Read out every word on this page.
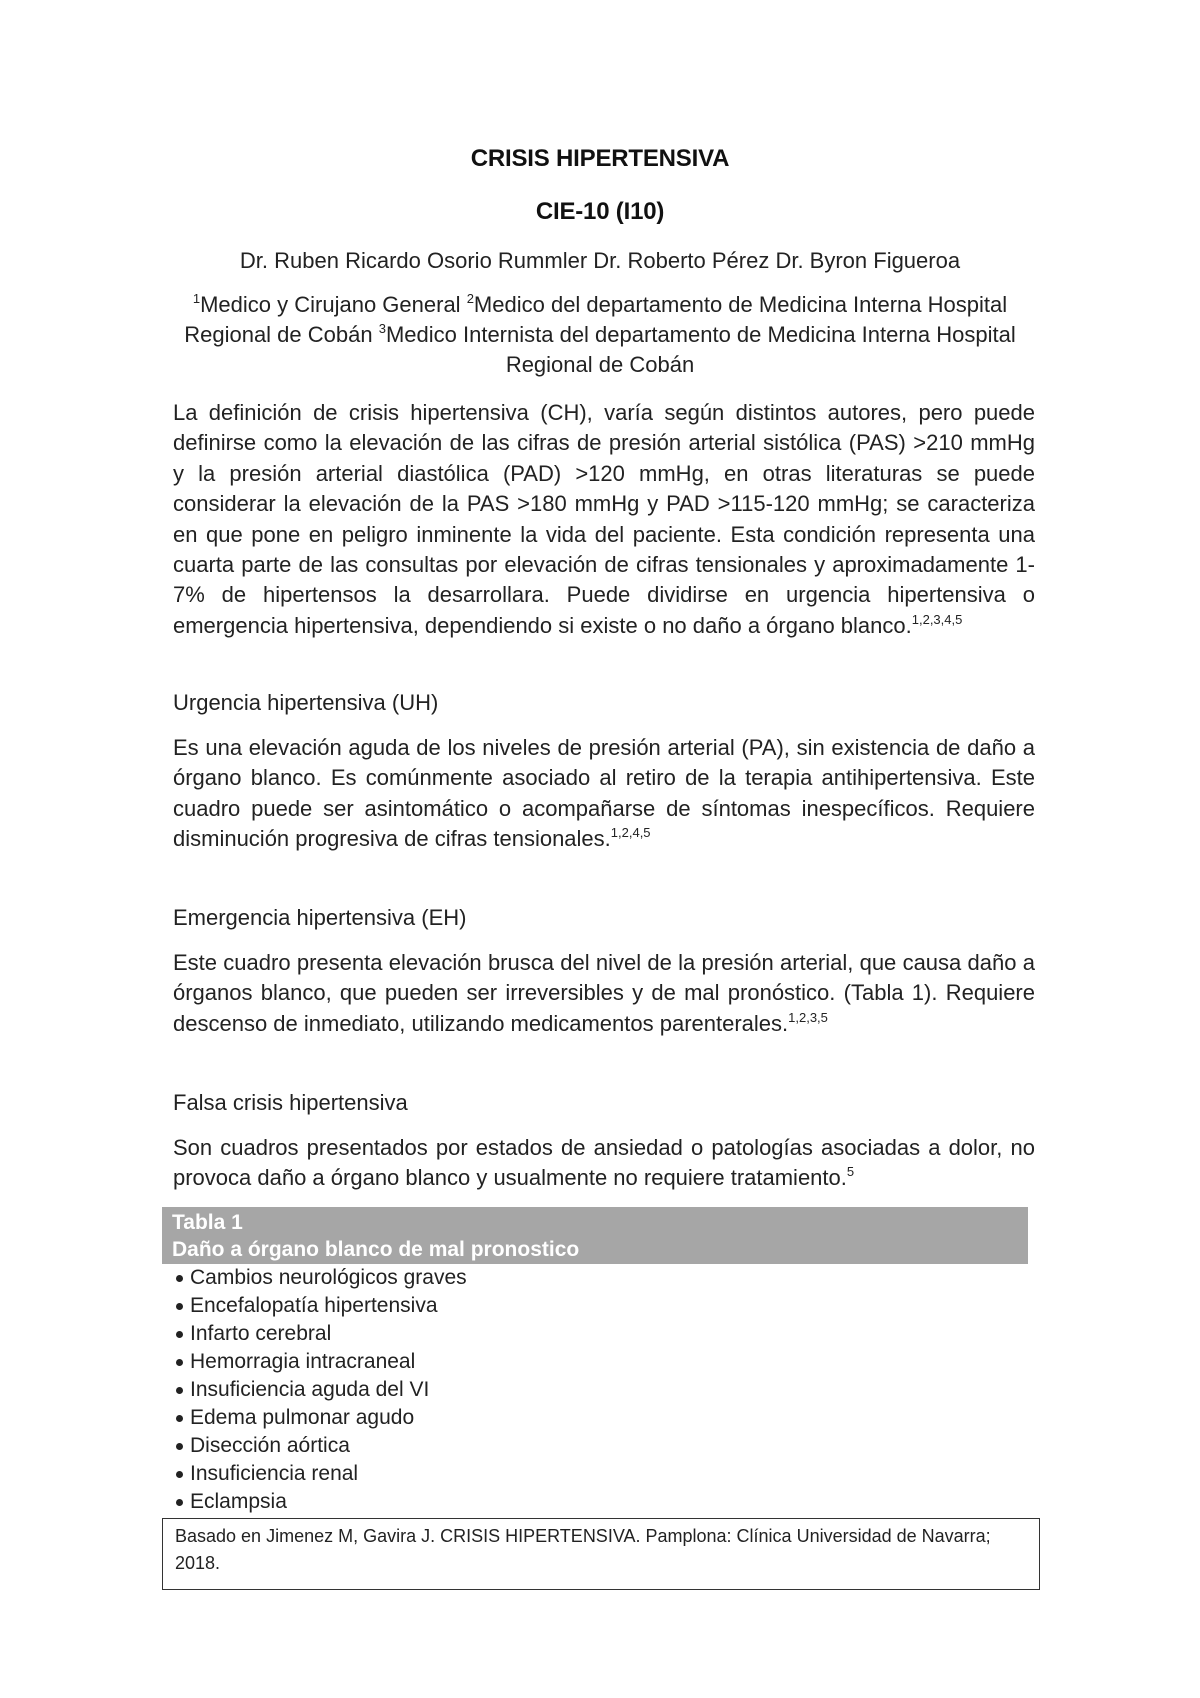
CRISIS HIPERTENSIVA
CIE-10 (I10)
Dr. Ruben Ricardo Osorio Rummler Dr. Roberto Pérez Dr. Byron Figueroa
$^1$Medico y Cirujano General $^2$Medico del departamento de Medicina Interna Hospital Regional de Cobán $^3$Medico Internista del departamento de Medicina Interna Hospital Regional de Cobán
La definición de crisis hipertensiva (CH), varía según distintos autores, pero puede definirse como la elevación de las cifras de presión arterial sistólica (PAS) >210 mmHg y la presión arterial diastólica (PAD) >120 mmHg, en otras literaturas se puede considerar la elevación de la PAS >180 mmHg y PAD >115-120 mmHg; se caracteriza en que pone en peligro inminente la vida del paciente. Esta condición representa una cuarta parte de las consultas por elevación de cifras tensionales y aproximadamente 1-7% de hipertensos la desarrollara. Puede dividirse en urgencia hipertensiva o emergencia hipertensiva, dependiendo si existe o no daño a órgano blanco.$^{1,2,3,4,5}$
Urgencia hipertensiva (UH)
Es una elevación aguda de los niveles de presión arterial (PA), sin existencia de daño a órgano blanco. Es comúnmente asociado al retiro de la terapia antihipertensiva. Este cuadro puede ser asintomático o acompañarse de síntomas inespecíficos. Requiere disminución progresiva de cifras tensionales.$^{1,2,4,5}$
Emergencia hipertensiva (EH)
Este cuadro presenta elevación brusca del nivel de la presión arterial, que causa daño a órganos blanco, que pueden ser irreversibles y de mal pronóstico. (Tabla 1). Requiere descenso de inmediato, utilizando medicamentos parenterales.$^{1,2,3,5}$
Falsa crisis hipertensiva
Son cuadros presentados por estados de ansiedad o patologías asociadas a dolor, no provoca daño a órgano blanco y usualmente no requiere tratamiento.$^5$
Tabla 1
Daño a órgano blanco de mal pronostico
Cambios neurológicos graves
Encefalopatía hipertensiva
Infarto cerebral
Hemorragia intracraneal
Insuficiencia aguda del VI
Edema pulmonar agudo
Disección aórtica
Insuficiencia renal
Eclampsia
Basado en Jimenez M, Gavira J. CRISIS HIPERTENSIVA. Pamplona: Clínica Universidad de Navarra; 2018.
